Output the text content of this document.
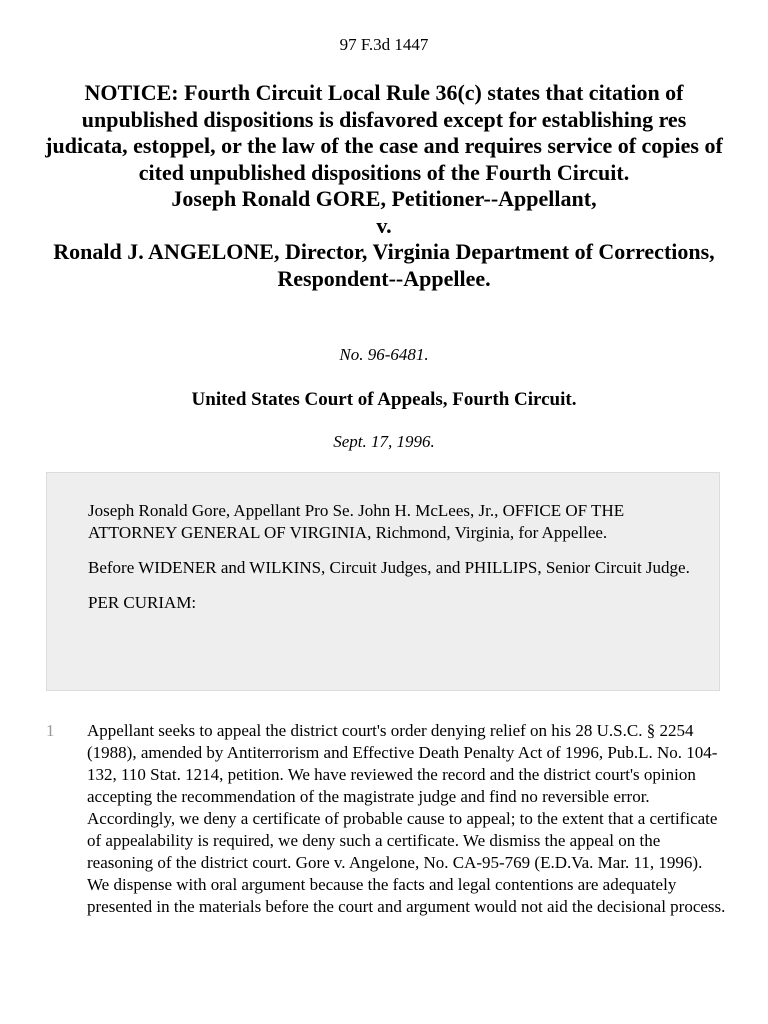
97 F.3d 1447
NOTICE: Fourth Circuit Local Rule 36(c) states that citation of unpublished dispositions is disfavored except for establishing res judicata, estoppel, or the law of the case and requires service of copies of cited unpublished dispositions of the Fourth Circuit.
Joseph Ronald GORE, Petitioner--Appellant,
v.
Ronald J. ANGELONE, Director, Virginia Department of Corrections, Respondent--Appellee.
No. 96-6481.
United States Court of Appeals, Fourth Circuit.
Sept. 17, 1996.

Joseph Ronald Gore, Appellant Pro Se. John H. McLees, Jr., OFFICE OF THE ATTORNEY GENERAL OF VIRGINIA, Richmond, Virginia, for Appellee.

Before WIDENER and WILKINS, Circuit Judges, and PHILLIPS, Senior Circuit Judge.

PER CURIAM:

1 Appellant seeks to appeal the district court's order denying relief on his 28 U.S.C. § 2254 (1988), amended by Antiterrorism and Effective Death Penalty Act of 1996, Pub.L. No. 104-132, 110 Stat. 1214, petition. We have reviewed the record and the district court's opinion accepting the recommendation of the magistrate judge and find no reversible error. Accordingly, we deny a certificate of probable cause to appeal; to the extent that a certificate of appealability is required, we deny such a certificate. We dismiss the appeal on the reasoning of the district court. Gore v. Angelone, No. CA-95-769 (E.D.Va. Mar. 11, 1996). We dispense with oral argument because the facts and legal contentions are adequately presented in the materials before the court and argument would not aid the decisional process.
